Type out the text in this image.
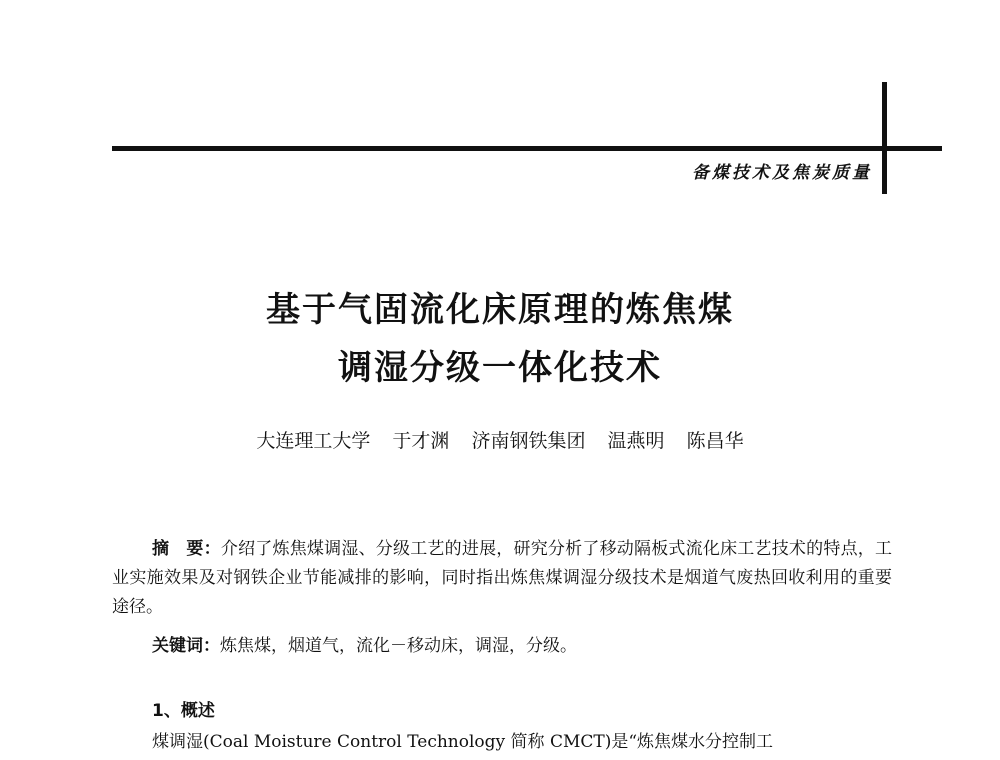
备煤技术及焦炭质量
基于气固流化床原理的炼焦煤
调湿分级一体化技术
大连理工大学 于才渊 济南钢铁集团 温燕明 陈昌华
摘　要：介绍了炼焦煤调湿、分级工艺的进展，研究分析了移动隔板式流化床工艺技术的特点，工业实施效果及对钢铁企业节能减排的影响，同时指出炼焦煤调湿分级技术是烟道气废热回收利用的重要途径。
关键词：炼焦煤，烟道气，流化－移动床，调湿，分级。
1、概述
煤调湿(Coal Moisture Control Technology 简称 CMCT)是“炼焦煤水分控制工
